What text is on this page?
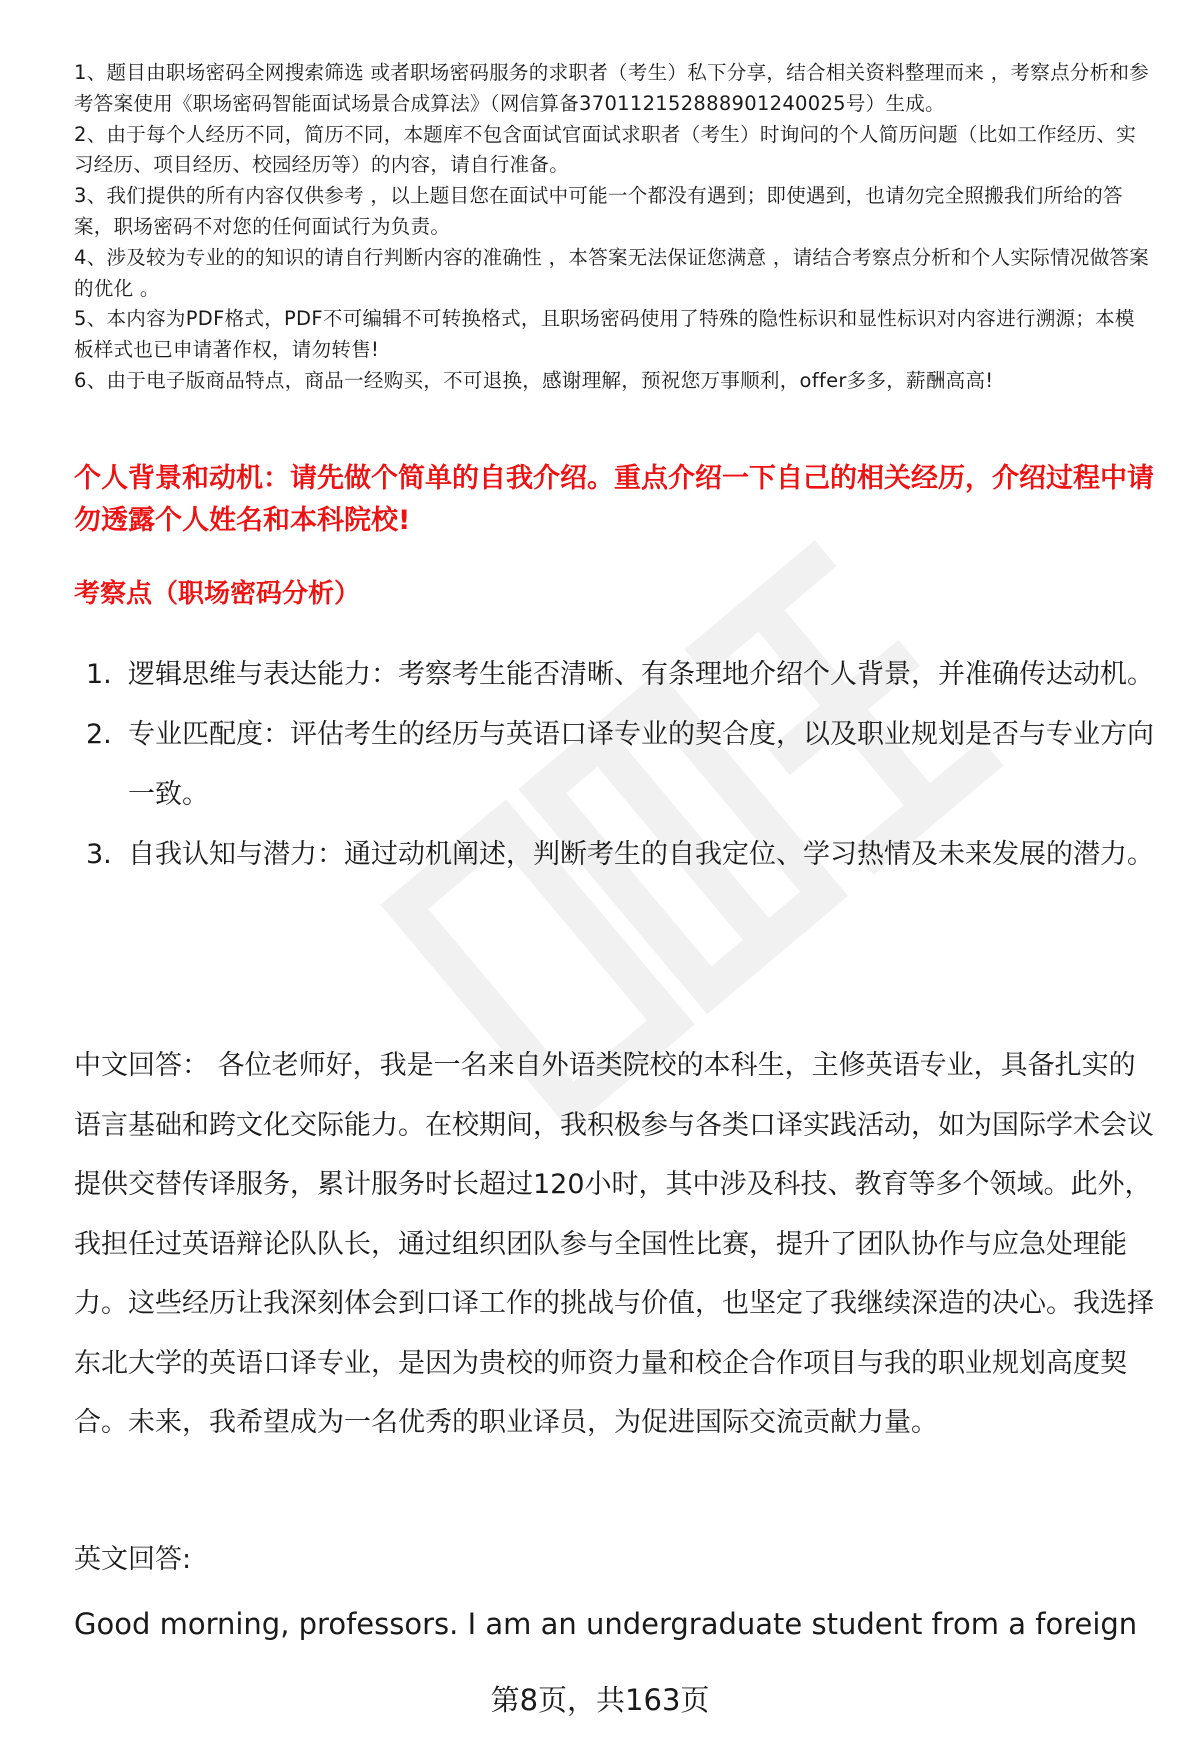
1、题目由职场密码全网搜索筛选 或者职场密码服务的求职者（考生）私下分享，结合相关资料整理而来 ，考察点分析和参考答案使用《职场密码智能面试场景合成算法》（网信算备370112152888901240025号）生成。

2、由于每个人经历不同，简历不同，本题库不包含面试官面试求职者（考生）时询问的个人简历问题（比如工作经历、实习经历、项目经历、校园经历等）的内容，请自行准备。

3、我们提供的所有内容仅供参考 ，以上题目您在面试中可能一个都没有遇到；即使遇到，也请勿完全照搬我们所给的答案，职场密码不对您的任何面试行为负责。

4、涉及较为专业的的知识的请自行判断内容的准确性 ，本答案无法保证您满意 ，请结合考察点分析和个人实际情况做答案的优化 。

5、本内容为PDF格式，PDF不可编辑不可转换格式，且职场密码使用了特殊的隐性标识和显性标识对内容进行溯源；本模板样式也已申请著作权，请勿转售!

6、由于电子版商品特点，商品一经购买，不可退换，感谢理解，预祝您万事顺利，offer多多，薪酬高高!

个人背景和动机：请先做个简单的自我介绍。重点介绍一下自己的相关经历，介绍过程中请勿透露个人姓名和本科院校!
考察点（职场密码分析）
1. 逻辑思维与表达能力：考察考生能否清晰、有条理地介绍个人背景，并准确传达动机。
2. 专业匹配度：评估考生的经历与英语口译专业的契合度，以及职业规划是否与专业方向一致。
3. 自我认知与潜力：通过动机阐述，判断考生的自我定位、学习热情及未来发展的潜力。

中文回答： 各位老师好，我是一名来自外语类院校的本科生，主修英语专业，具备扎实的语言基础和跨文化交际能力。在校期间，我积极参与各类口译实践活动，如为国际学术会议提供交替传译服务，累计服务时长超过120小时，其中涉及科技、教育等多个领域。此外，我担任过英语辩论队队长，通过组织团队参与全国性比赛，提升了团队协作与应急处理能力。这些经历让我深刻体会到口译工作的挑战与价值，也坚定了我继续深造的决心。我选择东北大学的英语口译专业，是因为贵校的师资力量和校企合作项目与我的职业规划高度契合。未来，我希望成为一名优秀的职业译员，为促进国际交流贡献力量。

英文回答:

Good morning, professors. I am an undergraduate student from a foreign

第8页，共163页
